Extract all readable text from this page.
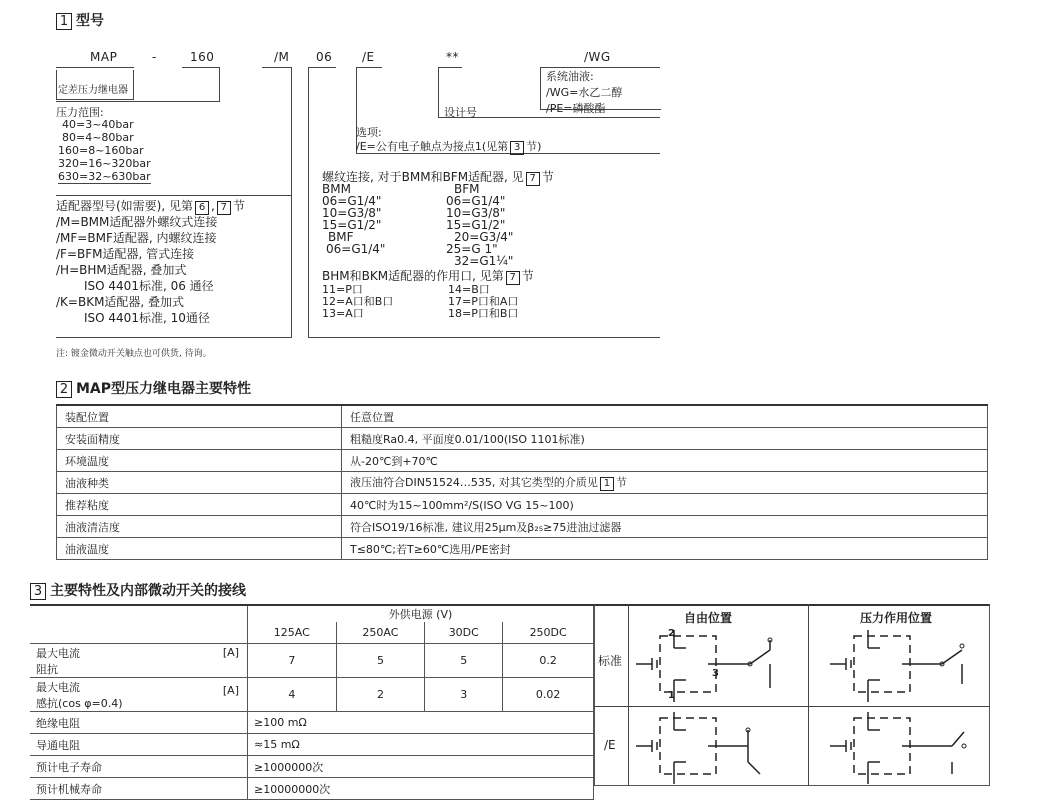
1 型号
MAP	-	160	/M 06 /E	**	/WG
定差压力继电器
压力范围:
40=3~40bar
80=4~80bar
160=8~160bar
320=16~320bar
630=32~630bar
适配器型号(如需要), 见第 6 , 7 节
/M=BMM适配器外螺纹式连接
/MF=BMF适配器, 内螺纹连接
/F=BFM适配器, 管式连接
/H=BHM适配器, 叠加式
ISO 4401标准, 06 通径
/K=BKM适配器, 叠加式
ISO 4401标准, 10通径
系统油液:
/WG=水乙二醇
/PE=磷酸酯
设计号
选项:
/E=公有电子触点为接点1(见第 3 节)
螺纹连接, 对于BMM和BFM适配器, 见 7 节
BMM
06=G1/4"
10=G3/8"
15=G1/2"
BMF
06=G1/4"
BFM
06=G1/4"
10=G3/8"
15=G1/2"
20=G3/4"
25=G 1"
32=G1¼"
BHM和BKM适配器的作用口, 见第 7 节
11=P口
12=A口和B口
13=A口
14=B口
17=P口和A口
18=P口和B口
注: 镀金微动开关触点也可供货, 待询。
2 MAP型压力继电器主要特性
装配位置	任意位置
安装面精度	粗糙度Ra0.4, 平面度0.01/100(ISO 1101标准)
环境温度	从-20℃到+70℃
油液种类	液压油符合DIN51524…535, 对其它类型的介质见 1 节
推荐粘度	40℃时为15~100mm²/S(ISO VG 15~100)
油液清洁度	符合ISO19/16标准, 建议用25μm及β₂₅≥75进油过滤器
油液温度	T≤80℃;若T≥60℃选用/PE密封
3 主要特性及内部微动开关的接线
	外供电源 (V)			
	125AC	250AC	30DC	250DC

最大电流
阻抗
[A]	7	5	5	0.2

最大电流
感抗(cos φ=0.4)
[A]	4	2	3	0.02
绝缘电阻	≥100 mΩ			
导通电阻	≈15 mΩ			
预计电子寿命	≥1000000次			
预计机械寿命	≥10000000次			
自由位置	压力作用位置
标准
/E
2
3
1
